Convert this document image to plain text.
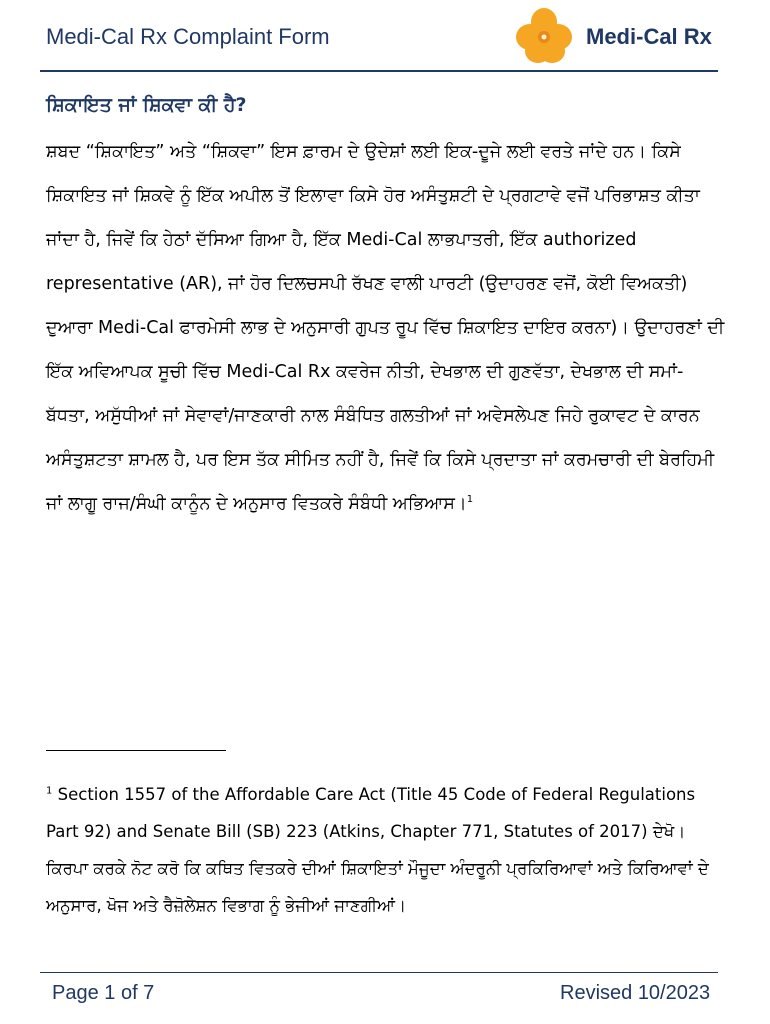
Medi-Cal Rx Complaint Form	Medi-Cal Rx

ਸ਼ਿਕਾਇਤ ਜਾਂ ਸ਼ਿਕਵਾ ਕੀ ਹੈ?

ਸ਼ਬਦ “ਸ਼ਿਕਾਇਤ” ਅਤੇ “ਸ਼ਿਕਵਾ” ਇਸ ਫ਼ਾਰਮ ਦੇ ਉਦੇਸ਼ਾਂ ਲਈ ਇਕ-ਦੂਜੇ ਲਈ ਵਰਤੇ ਜਾਂਦੇ ਹਨ। ਕਿਸੇ ਸ਼ਿਕਾਇਤ ਜਾਂ ਸ਼ਿਕਵੇ ਨੂੰ ਇੱਕ ਅਪੀਲ ਤੋਂ ਇਲਾਵਾ ਕਿਸੇ ਹੋਰ ਅਸੰਤੁਸ਼ਟੀ ਦੇ ਪ੍ਰਗਟਾਵੇ ਵਜੋਂ ਪਰਿਭਾਸ਼ਤ ਕੀਤਾ ਜਾਂਦਾ ਹੈ, ਜਿਵੇਂ ਕਿ ਹੇਠਾਂ ਦੱਸਿਆ ਗਿਆ ਹੈ, ਇੱਕ Medi-Cal ਲਾਭਪਾਤਰੀ, ਇੱਕ authorized representative (AR), ਜਾਂ ਹੋਰ ਦਿਲਚਸਪੀ ਰੱਖਣ ਵਾਲੀ ਪਾਰਟੀ (ਉਦਾਹਰਣ ਵਜੋਂ, ਕੋਈ ਵਿਅਕਤੀ) ਦੁਆਰਾ Medi-Cal ਫਾਰਮੇਸੀ ਲਾਭ ਦੇ ਅਨੁਸਾਰੀ ਗੁਪਤ ਰੂਪ ਵਿੱਚ ਸ਼ਿਕਾਇਤ ਦਾਇਰ ਕਰਨਾ)। ਉਦਾਹਰਣਾਂ ਦੀ ਇੱਕ ਅਵਿਆਪਕ ਸੂਚੀ ਵਿੱਚ Medi-Cal Rx ਕਵਰੇਜ ਨੀਤੀ, ਦੇਖਭਾਲ ਦੀ ਗੁਣਵੱਤਾ, ਦੇਖਭਾਲ ਦੀ ਸਮਾਂ-ਬੱਧਤਾ, ਅਸੁੱਧੀਆਂ ਜਾਂ ਸੇਵਾਵਾਂ/ਜਾਣਕਾਰੀ ਨਾਲ ਸੰਬੰਧਿਤ ਗਲਤੀਆਂ ਜਾਂ ਅਵੇਸਲੇਪਣ ਜਿਹੇ ਰੁਕਾਵਟ ਦੇ ਕਾਰਨ ਅਸੰਤੁਸ਼ਟਤਾ ਸ਼ਾਮਲ ਹੈ, ਪਰ ਇਸ ਤੱਕ ਸੀਮਿਤ ਨਹੀਂ ਹੈ, ਜਿਵੇਂ ਕਿ ਕਿਸੇ ਪ੍ਰਦਾਤਾ ਜਾਂ ਕਰਮਚਾਰੀ ਦੀ ਬੇਰਹਿਮੀ ਜਾਂ ਲਾਗੂ ਰਾਜ/ਸੰਘੀ ਕਾਨੂੰਨ ਦੇ ਅਨੁਸਾਰ ਵਿਤਕਰੇ ਸੰਬੰਧੀ ਅਭਿਆਸ।$^1$

$^1$ Section 1557 of the Affordable Care Act (Title 45 Code of Federal Regulations Part 92) and Senate Bill (SB) 223 (Atkins, Chapter 771, Statutes of 2017) ਦੇਖੋ। ਕਿਰਪਾ ਕਰਕੇ ਨੋਟ ਕਰੋ ਕਿ ਕਥਿਤ ਵਿਤਕਰੇ ਦੀਆਂ ਸ਼ਿਕਾਇਤਾਂ ਮੌਜੂਦਾ ਅੰਦਰੂਨੀ ਪ੍ਰਕਿਰਿਆਵਾਂ ਅਤੇ ਕਿਰਿਆਵਾਂ ਦੇ ਅਨੁਸਾਰ, ਖੋਜ ਅਤੇ ਰੈਜ਼ੋਲੇਸ਼ਨ ਵਿਭਾਗ ਨੂੰ ਭੇਜੀਆਂ ਜਾਣਗੀਆਂ।

Page 1 of 7	Revised 10/2023
